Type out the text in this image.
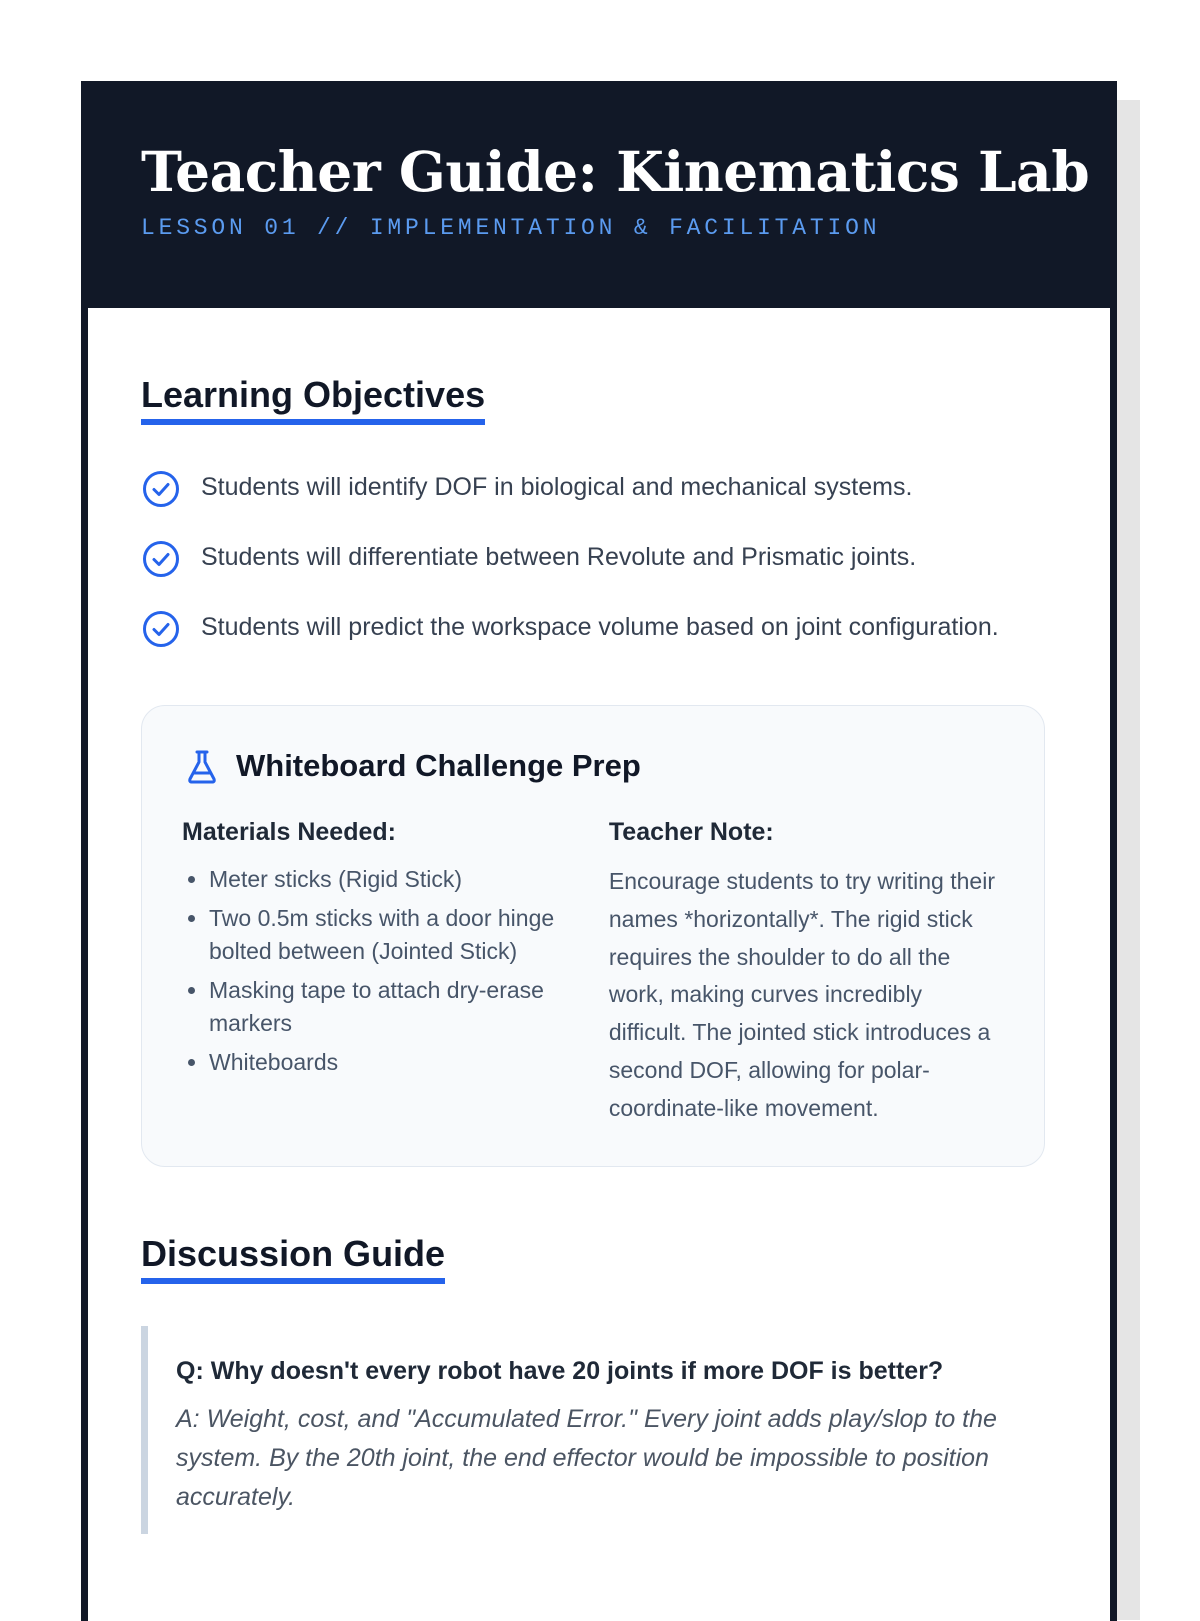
Teacher Guide: Kinematics Lab
LESSON 01 // IMPLEMENTATION & FACILITATION
Learning Objectives
Students will identify DOF in biological and mechanical systems.
Students will differentiate between Revolute and Prismatic joints.
Students will predict the workspace volume based on joint configuration.
Whiteboard Challenge Prep
Materials Needed:
• Meter sticks (Rigid Stick)
• Two 0.5m sticks with a door hinge bolted between (Jointed Stick)
• Masking tape to attach dry-erase markers
• Whiteboards
Teacher Note:

Encourage students to try writing their names *horizontally*. The rigid stick requires the shoulder to do all the work, making curves incredibly difficult. The jointed stick introduces a second DOF, allowing for polar-coordinate-like movement.

Discussion Guide
Q: Why doesn't every robot have 20 joints if more DOF is better?
A: Weight, cost, and "Accumulated Error." Every joint adds play/slop to the system. By the 20th joint, the end effector would be impossible to position accurately.
